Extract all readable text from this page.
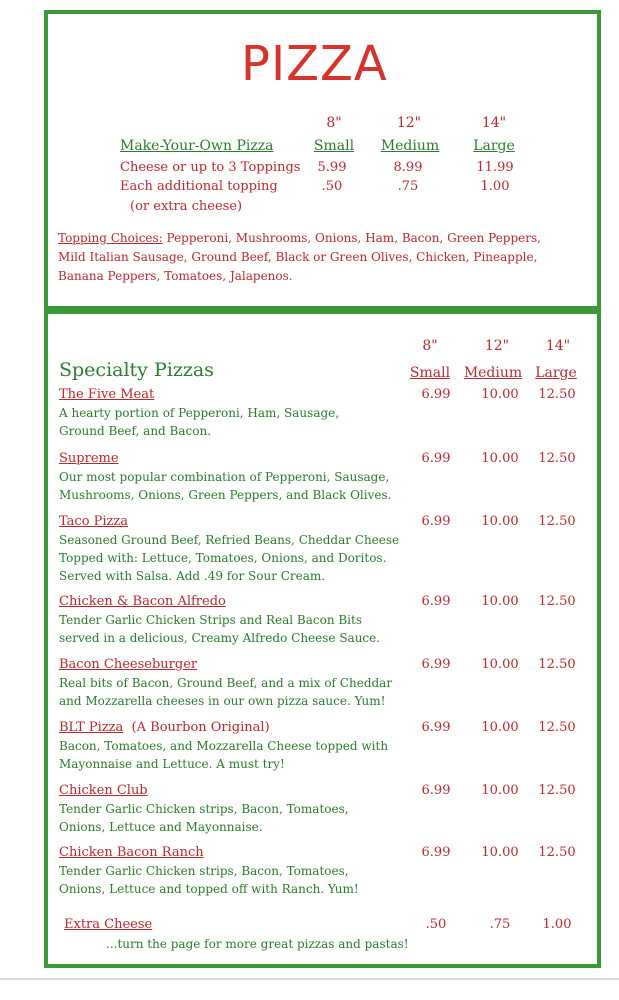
PIZZA
8"	12"	14"
Make-Your-Own Pizza	Small Medium Large
Cheese or up to 3 Toppings	5.99	8.99	11.99
Each additional topping	.50	.75	1.00
(or extra cheese)
Topping Choices: Pepperoni, Mushrooms, Onions, Ham, Bacon, Green Peppers,
Mild Italian Sausage, Ground Beef, Black or Green Olives, Chicken, Pineapple,
Banana Peppers, Tomatoes, Jalapenos.
8"	12"	14"
Specialty Pizzas	Small Medium Large
The Five Meat
A hearty portion of Pepperoni, Ham, Sausage,
Ground Beef, and Bacon.
6.99	10.00	12.50
Supreme
Our most popular combination of Pepperoni, Sausage,
Mushrooms, Onions, Green Peppers, and Black Olives.
6.99	10.00	12.50
Taco Pizza
Seasoned Ground Beef, Refried Beans, Cheddar Cheese
Topped with: Lettuce, Tomatoes, Onions, and Doritos.
Served with Salsa. Add .49 for Sour Cream.
6.99	10.00	12.50
Chicken & Bacon Alfredo
Tender Garlic Chicken Strips and Real Bacon Bits
served in a delicious, Creamy Alfredo Cheese Sauce.
6.99	10.00	12.50
Bacon Cheeseburger
Real bits of Bacon, Ground Beef, and a mix of Cheddar
and Mozzarella cheeses in our own pizza sauce. Yum!
6.99	10.00	12.50
BLT Pizza  (A Bourbon Original)
Bacon, Tomatoes, and Mozzarella Cheese topped with
Mayonnaise and Lettuce. A must try!
6.99	10.00	12.50
Chicken Club
Tender Garlic Chicken strips, Bacon, Tomatoes,
Onions, Lettuce and Mayonnaise.
6.99	10.00	12.50
Chicken Bacon Ranch
Tender Garlic Chicken strips, Bacon, Tomatoes,
Onions, Lettuce and topped off with Ranch. Yum!
6.99	10.00	12.50
Extra Cheese	.50	.75	1.00
...turn the page for more great pizzas and pastas!
